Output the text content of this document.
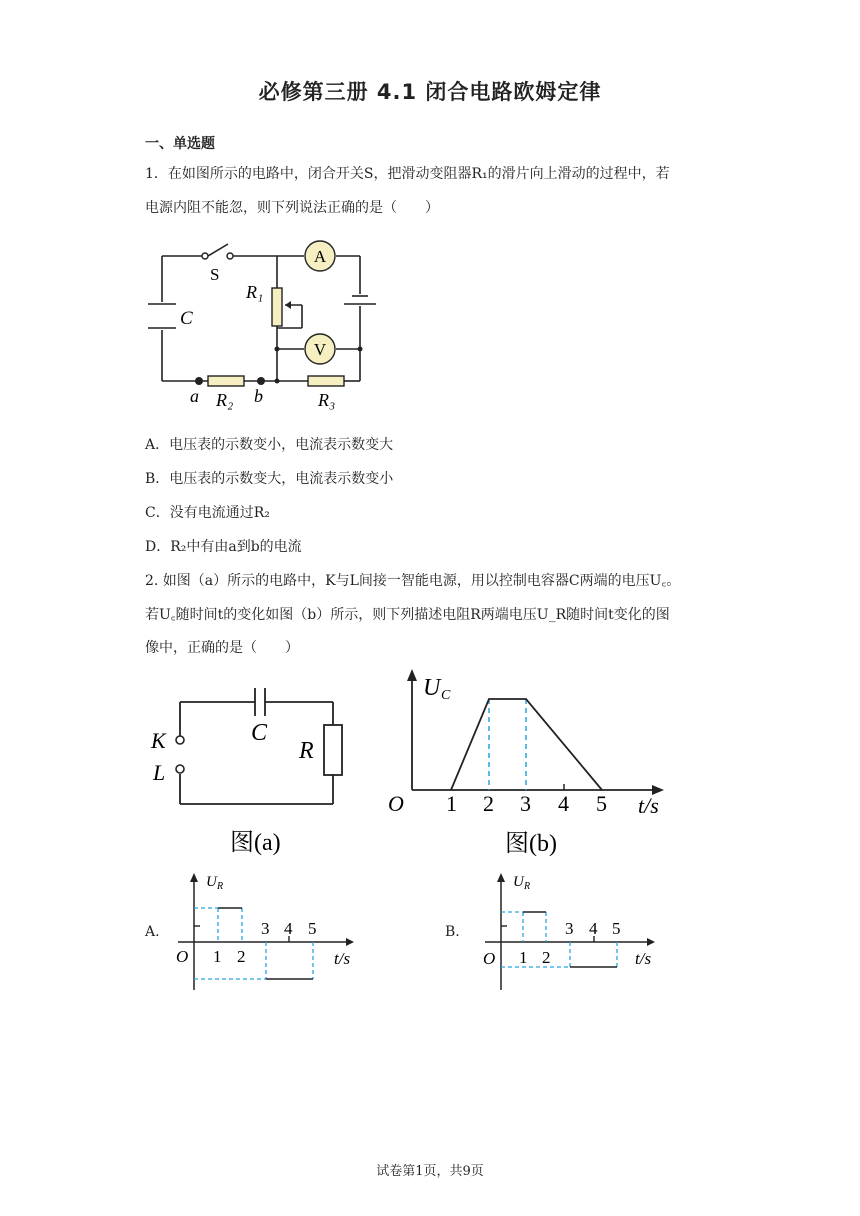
必修第三册 4.1 闭合电路欧姆定律
一、单选题
1．在如图所示的电路中，闭合开关S，把滑动变阻器R₁的滑片向上滑动的过程中，若
电源内阻不能忽，则下列说法正确的是（　　）
A
V
S
C
R₁
a R₂ b	R₃
A．电压表的示数变小，电流表示数变大
B．电压表的示数变大，电流表示数变小
C．没有电流通过R₂
D．R₂中有由a到b的电流
2. 如图（a）所示的电路中，K与L间接一智能电源，用以控制电容器C两端的电压U꜀。
若U꜀随时间t的变化如图（b）所示，则下列描述电阻R两端电压U_R随时间t变化的图
像中，正确的是（　　）
K
L
C
R
图(a)
U C
O 1 2 3 4 5 t/s
图(b)
A.
U R
O 1 2
3 4 5
t/s
B.
U R
O 1 2
3 4 5
t/s
试卷第1页，共9页
